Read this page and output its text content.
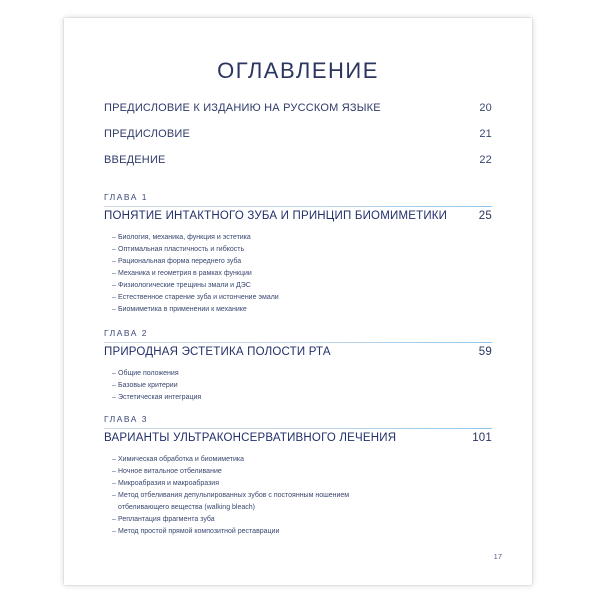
ОГЛАВЛЕНИЕ
ПРЕДИСЛОВИЕ К ИЗДАНИЮ НА РУССКОМ ЯЗЫКЕ	20
ПРЕДИСЛОВИЕ	21
ВВЕДЕНИЕ	22
ГЛАВА 1
ПОНЯТИЕ ИНТАКТНОГО ЗУБА И ПРИНЦИП БИОМИМЕТИКИ	25
– Биология, механика, функция и эстетика
– Оптимальная пластичность и гибкость
– Рациональная форма переднего зуба
– Механика и геометрия в рамках функции
– Физиологические трещины эмали и ДЭС
– Естественное старение зуба и истончение эмали
– Биомиметика в применении к механике
ГЛАВА 2
ПРИРОДНАЯ ЭСТЕТИКА ПОЛОСТИ РТА	59
– Общие положения
– Базовые критерии
– Эстетическая интеграция
ГЛАВА 3
ВАРИАНТЫ УЛЬТРАКОНСЕРВАТИВНОГО ЛЕЧЕНИЯ	101
– Химическая обработка и биомиметика
– Ночное витальное отбеливание
– Микроабразия и макроабразия
– Метод отбеливания депульпированных зубов с постоянным ношением
отбеливающего вещества (walking bleach)
– Реплантация фрагмента зуба
– Метод простой прямой композитной реставрации
17
